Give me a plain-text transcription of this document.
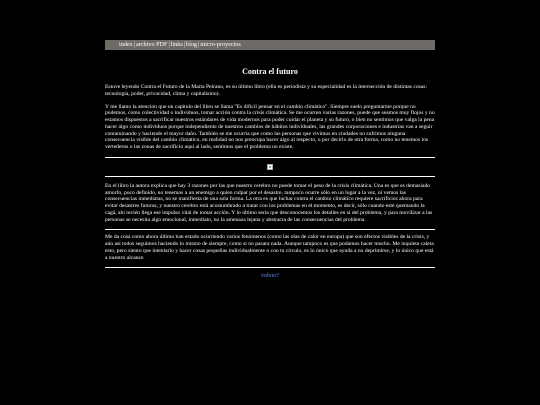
index|archivo PDF|links|blog|micro-proyectos
Contra el futuro

Estuve leyendo Contra el Futuro de la Marta Peirano, es su último libro (ella es periodista y su especialidad es la intersección de distintas cosas: tecnología, poder, privacidad, clima y capitalismo).

Y me llamo la atencion que un capitulo del libro se llama "Es difícil pensar en el cambio climático". Siempre suelo preguntarme porque no podemos, como colectividad o individuos, tomar acción contra la crisis climática. Se me ocurren varias razones, puede que seamos muy flojos y no estamos dispuestos a sacrificar nuestros estándares de vida modernos para poder cuidar el planeta y su futuro, o bien no sentimos que valga la pena hacer algo como individuos porque independiente de nuestros cambios de hábitos individuales, las grandes corporaciones e industrias van a seguir contaminando y haciendo el mayor daño. También se me ocurría que como las personas que vivimos en ciudades no sufrimos ninguna consecuencia visible del cambio climático, en realidad no nos preocupa hacer algo al respecto, o por decirlo de otra forma, como no tenemos los vertederos o las zonas de sacrificio aquí al lado, sentimos que el problema no existe.

En el libro la autora explica que hay 3 razones por las que nuestro cerebro no puede tomar el peso de la crisis climática. Una es que es demasiado amorfo, poco definido, no tenemos a un enemigo a quien culpar por el desastre, tampoco ocurre sólo en un lugar a la vez, ni vemos las consecuencias inmediatas, no se manifiesta de una sola forma. La otra es que luchar contra el cambio climático requiere sacrificios ahora para evitar desastres futuros, y nuestro cerebro está acostumbrado a tratar con los problemas en el momento, es decir, sólo cuando esté quemando la cagá, ahí recién llega ese impulso vital de tomar acción. Y lo último sería que desconocemos los detalles en sí del problema, y para movilizar a las personas se necesita algo emocional, inmediato, no la amenaza lejana y abstracta de las consecuencias del problema.

Me da cosa como ahora último han estado ocurriendo varios fenómenos (como las olas de calor en europa) que son efectos visibles de la crisis, y aún así todos seguimos haciendo lo mismo de siempre, como si no pasara nada. Aunque tampoco es que podamos hacer mucho. Me inquieta caleta esto, pero siento que intentarlo y hacer cosas pequeñas individualmente o con tu círculo, es lo único que ayuda a no deprimirse, y lo único que está a nuestro alcance

volver?
